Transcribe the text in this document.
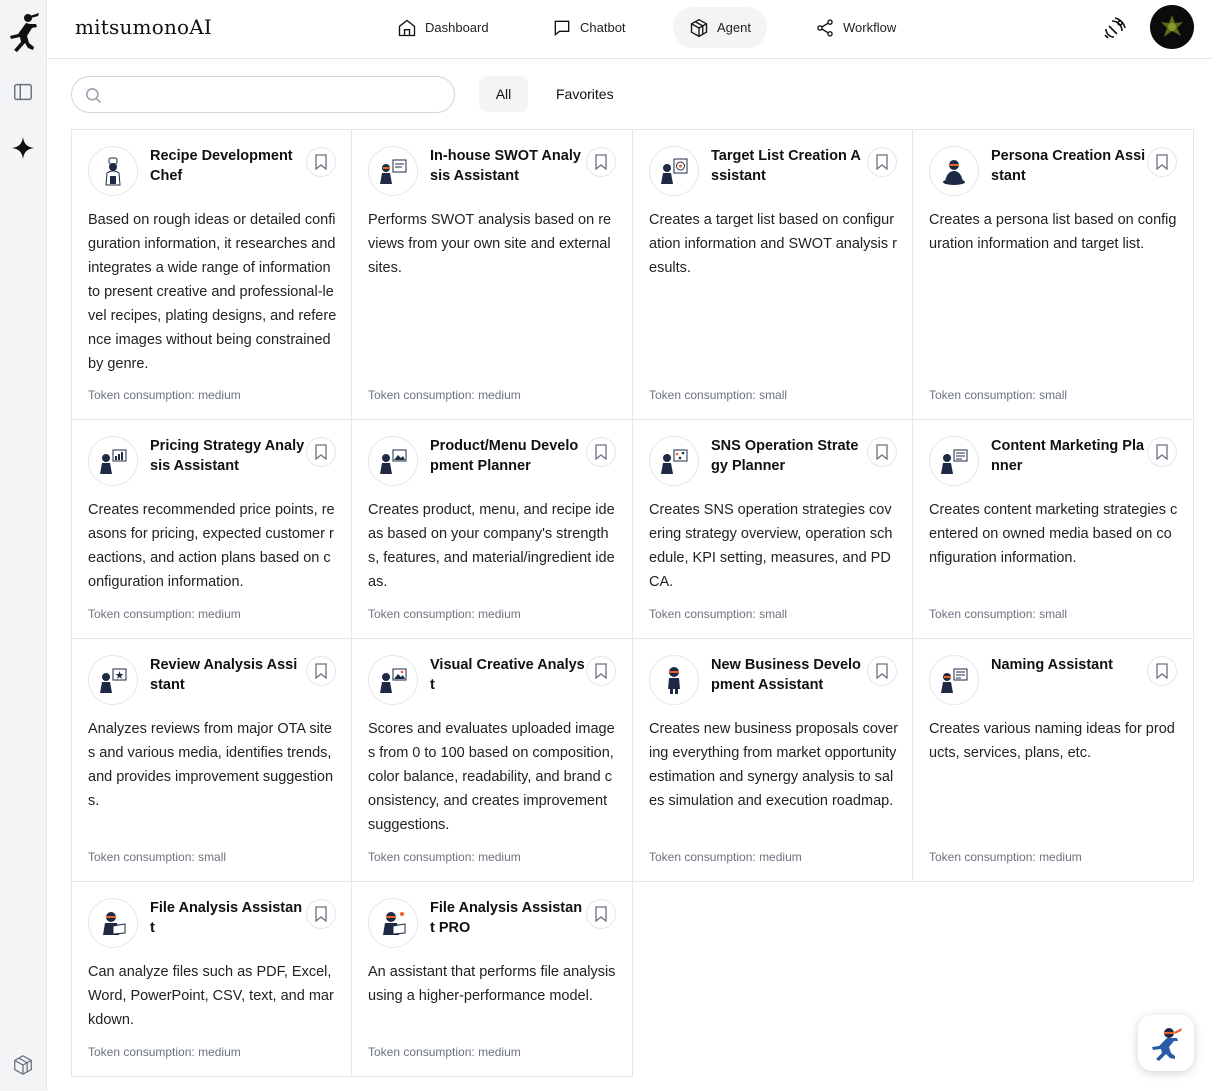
mitsumonoAI	Dashboard	Chatbot	Agent	Workflow
All	Favorites
Recipe Development Chef
Based on rough ideas or detailed configuration information, it researches and integrates a wide range of information to present creative and professional-level recipes, plating designs, and reference images without being constrained by genre.
Token consumption: medium
In-house SWOT Analysis Assistant
Performs SWOT analysis based on reviews from your own site and external sites.
Token consumption: medium
Target List Creation Assistant
Creates a target list based on configuration information and SWOT analysis results.
Token consumption: small
Persona Creation Assistant
Creates a persona list based on configuration information and target list.
Token consumption: small
Pricing Strategy Analysis Assistant
Creates recommended price points, reasons for pricing, expected customer reactions, and action plans based on configuration information.
Token consumption: medium
Product/Menu Development Planner
Creates product, menu, and recipe ideas based on your company's strengths, features, and material/ingredient ideas.
Token consumption: medium
SNS Operation Strategy Planner
Creates SNS operation strategies covering strategy overview, operation schedule, KPI setting, measures, and PDCA.
Token consumption: small
Content Marketing Planner
Creates content marketing strategies centered on owned media based on configuration information.
Token consumption: small
Review Analysis Assistant
Analyzes reviews from major OTA sites and various media, identifies trends, and provides improvement suggestions.
Token consumption: small
Visual Creative Analyst
Scores and evaluates uploaded images from 0 to 100 based on composition, color balance, readability, and brand consistency, and creates improvement suggestions.
Token consumption: medium
New Business Development Assistant
Creates new business proposals covering everything from market opportunity estimation and synergy analysis to sales simulation and execution roadmap.
Token consumption: medium
Naming Assistant
Creates various naming ideas for products, services, plans, etc.
Token consumption: medium
File Analysis Assistant
Can analyze files such as PDF, Excel, Word, PowerPoint, CSV, text, and markdown.
Token consumption: medium
File Analysis Assistant PRO
An assistant that performs file analysis using a higher-performance model.
Token consumption: medium
